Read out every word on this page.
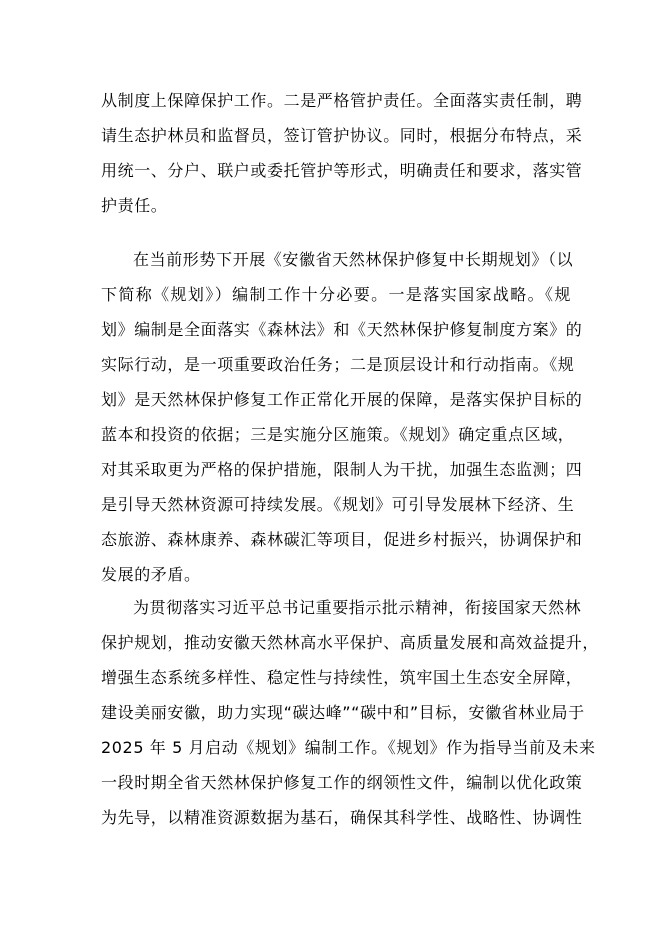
从制度上保障保护工作。二是严格管护责任。全面落实责任制，聘
请生态护林员和监督员，签订管护协议。同时，根据分布特点，采
用统一、分户、联户或委托管护等形式，明确责任和要求，落实管
护责任。
在当前形势下开展《安徽省天然林保护修复中长期规划》（以
下简称《规划》）编制工作十分必要。一是落实国家战略。《规
划》编制是全面落实《森林法》和《天然林保护修复制度方案》的
实际行动，是一项重要政治任务；二是顶层设计和行动指南。《规
划》是天然林保护修复工作正常化开展的保障，是落实保护目标的
蓝本和投资的依据；三是实施分区施策。《规划》确定重点区域，
对其采取更为严格的保护措施，限制人为干扰，加强生态监测；四
是引导天然林资源可持续发展。《规划》可引导发展林下经济、生
态旅游、森林康养、森林碳汇等项目，促进乡村振兴，协调保护和
发展的矛盾。
为贯彻落实习近平总书记重要指示批示精神，衔接国家天然林
保护规划，推动安徽天然林高水平保护、高质量发展和高效益提升，
增强生态系统多样性、稳定性与持续性，筑牢国土生态安全屏障，
建设美丽安徽，助力实现“碳达峰”“碳中和”目标，安徽省林业局于
2025 年 5 月启动《规划》编制工作。《规划》作为指导当前及未来
一段时期全省天然林保护修复工作的纲领性文件，编制以优化政策
为先导，以精准资源数据为基石，确保其科学性、战略性、协调性
